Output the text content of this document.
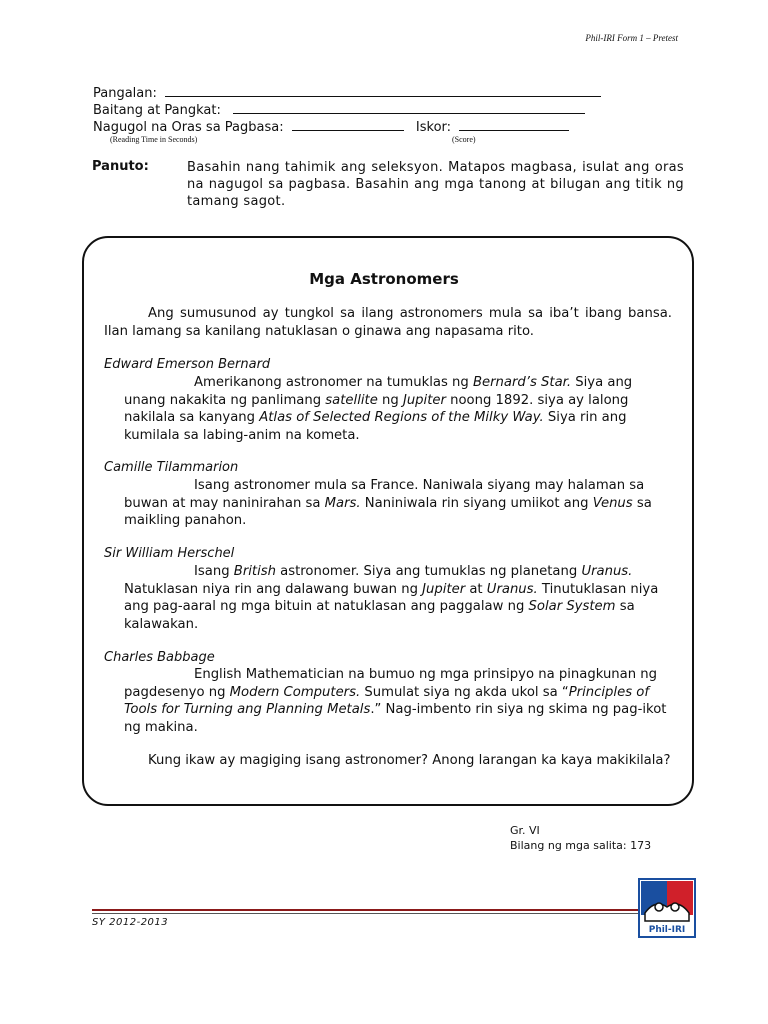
Phil-IRI Form 1 – Pretest
Pangalan:
Baitang at Pangkat:
Nagugol na Oras sa Pagbasa:	Iskor:
(Reading Time in Seconds)	(Score)
Panuto:	Basahin nang tahimik ang seleksyon. Matapos magbasa, isulat ang oras na nagugol sa pagbasa. Basahin ang mga tanong at bilugan ang titik ng tamang sagot.
Mga Astronomers
Ang sumusunod ay tungkol sa ilang astronomers mula sa iba’t ibang bansa. Ilan lamang sa kanilang natuklasan o ginawa ang napasama rito.
Edward Emerson Bernard
Amerikanong astronomer na tumuklas ng Bernard’s Star. Siya ang unang nakakita ng panlimang satellite ng Jupiter noong 1892. siya ay lalong nakilala sa kanyang Atlas of Selected Regions of the Milky Way. Siya rin ang kumilala sa labing-anim na kometa.
Camille Tilammarion
Isang astronomer mula sa France. Naniwala siyang may halaman sa buwan at may naninirahan sa Mars. Naniniwala rin siyang umiikot ang Venus sa maikling panahon.
Sir William Herschel
Isang British astronomer. Siya ang tumuklas ng planetang Uranus. Natuklasan niya rin ang dalawang buwan ng Jupiter at Uranus. Tinutuklasan niya ang pag-aaral ng mga bituin at natuklasan ang paggalaw ng Solar System sa kalawakan.
Charles Babbage
English Mathematician na bumuo ng mga prinsipyo na pinagkunan ng pagdesenyo ng Modern Computers. Sumulat siya ng akda ukol sa “Principles of Tools for Turning ang Planning Metals.” Nag-imbento rin siya ng skima ng pag-ikot ng makina.
Kung ikaw ay magiging isang astronomer? Anong larangan ka kaya makikilala?
Gr. VI
Bilang ng mga salita: 173
SY 2012-2013
Phil-IRI
